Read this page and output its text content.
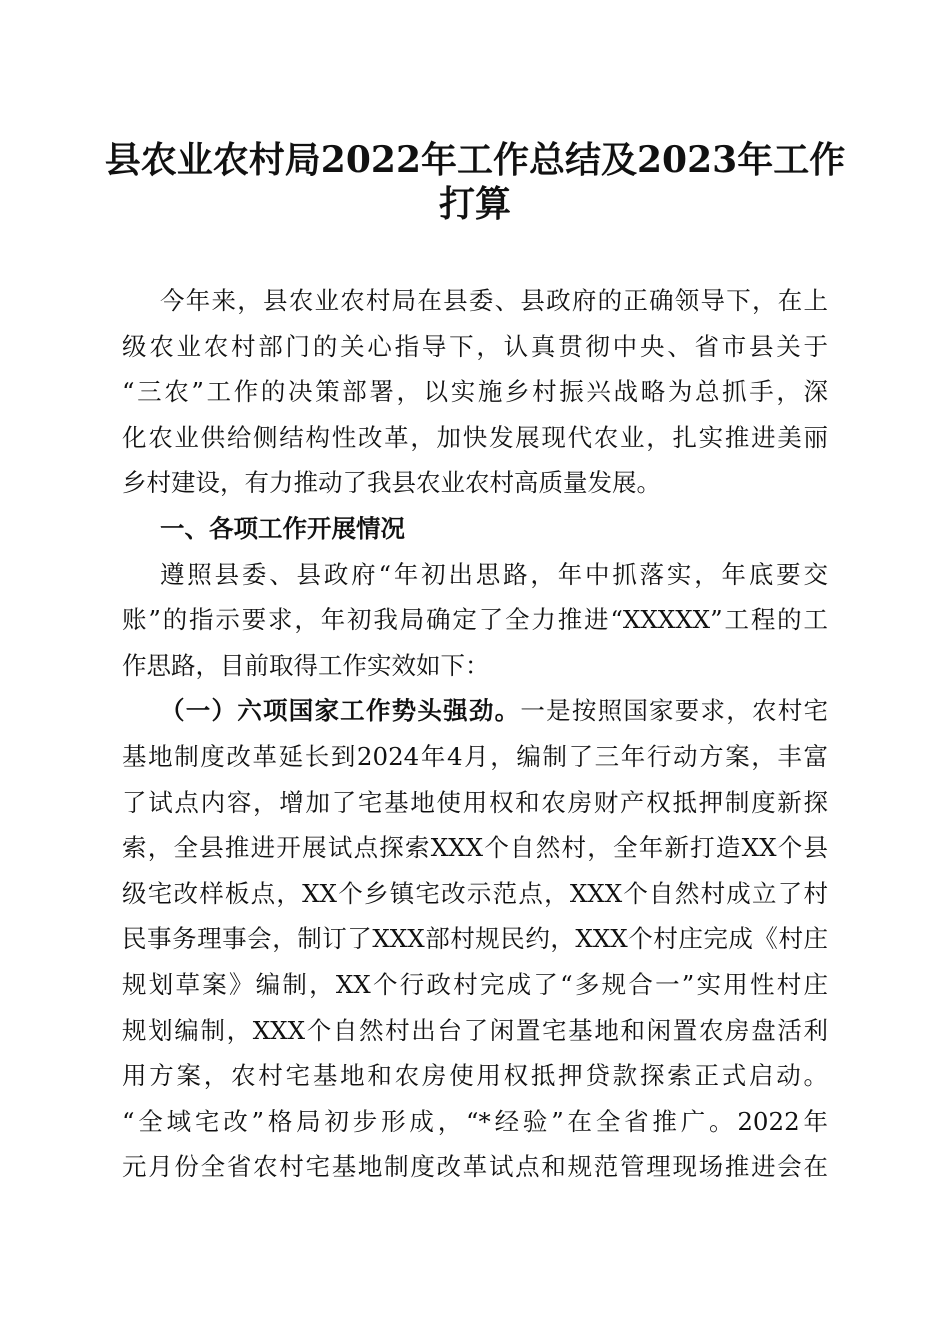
县农业农村局2022年工作总结及2023年工作
打算
今年来，县农业农村局在县委、县政府的正确领导下，在上
级农业农村部门的关心指导下，认真贯彻中央、省市县关于
“三农”工作的决策部署，以实施乡村振兴战略为总抓手，深
化农业供给侧结构性改革，加快发展现代农业，扎实推进美丽
乡村建设，有力推动了我县农业农村高质量发展。
一、各项工作开展情况
遵照县委、县政府“年初出思路，年中抓落实，年底要交
账”的指示要求，年初我局确定了全力推进“XXXXX”工程的工
作思路，目前取得工作实效如下：
（一）六项国家工作势头强劲。一是按照国家要求，农村宅
基地制度改革延长到2024年4月，编制了三年行动方案，丰富
了试点内容，增加了宅基地使用权和农房财产权抵押制度新探
索，全县推进开展试点探索XXX个自然村，全年新打造XX个县
级宅改样板点，XX个乡镇宅改示范点，XXX个自然村成立了村
民事务理事会，制订了XXX部村规民约，XXX个村庄完成《村庄
规划草案》编制，XX个行政村完成了“多规合一”实用性村庄
规划编制，XXX个自然村出台了闲置宅基地和闲置农房盘活利
用方案，农村宅基地和农房使用权抵押贷款探索正式启动。
“全域宅改”格局初步形成，“*经验”在全省推广。2022年
元月份全省农村宅基地制度改革试点和规范管理现场推进会在
